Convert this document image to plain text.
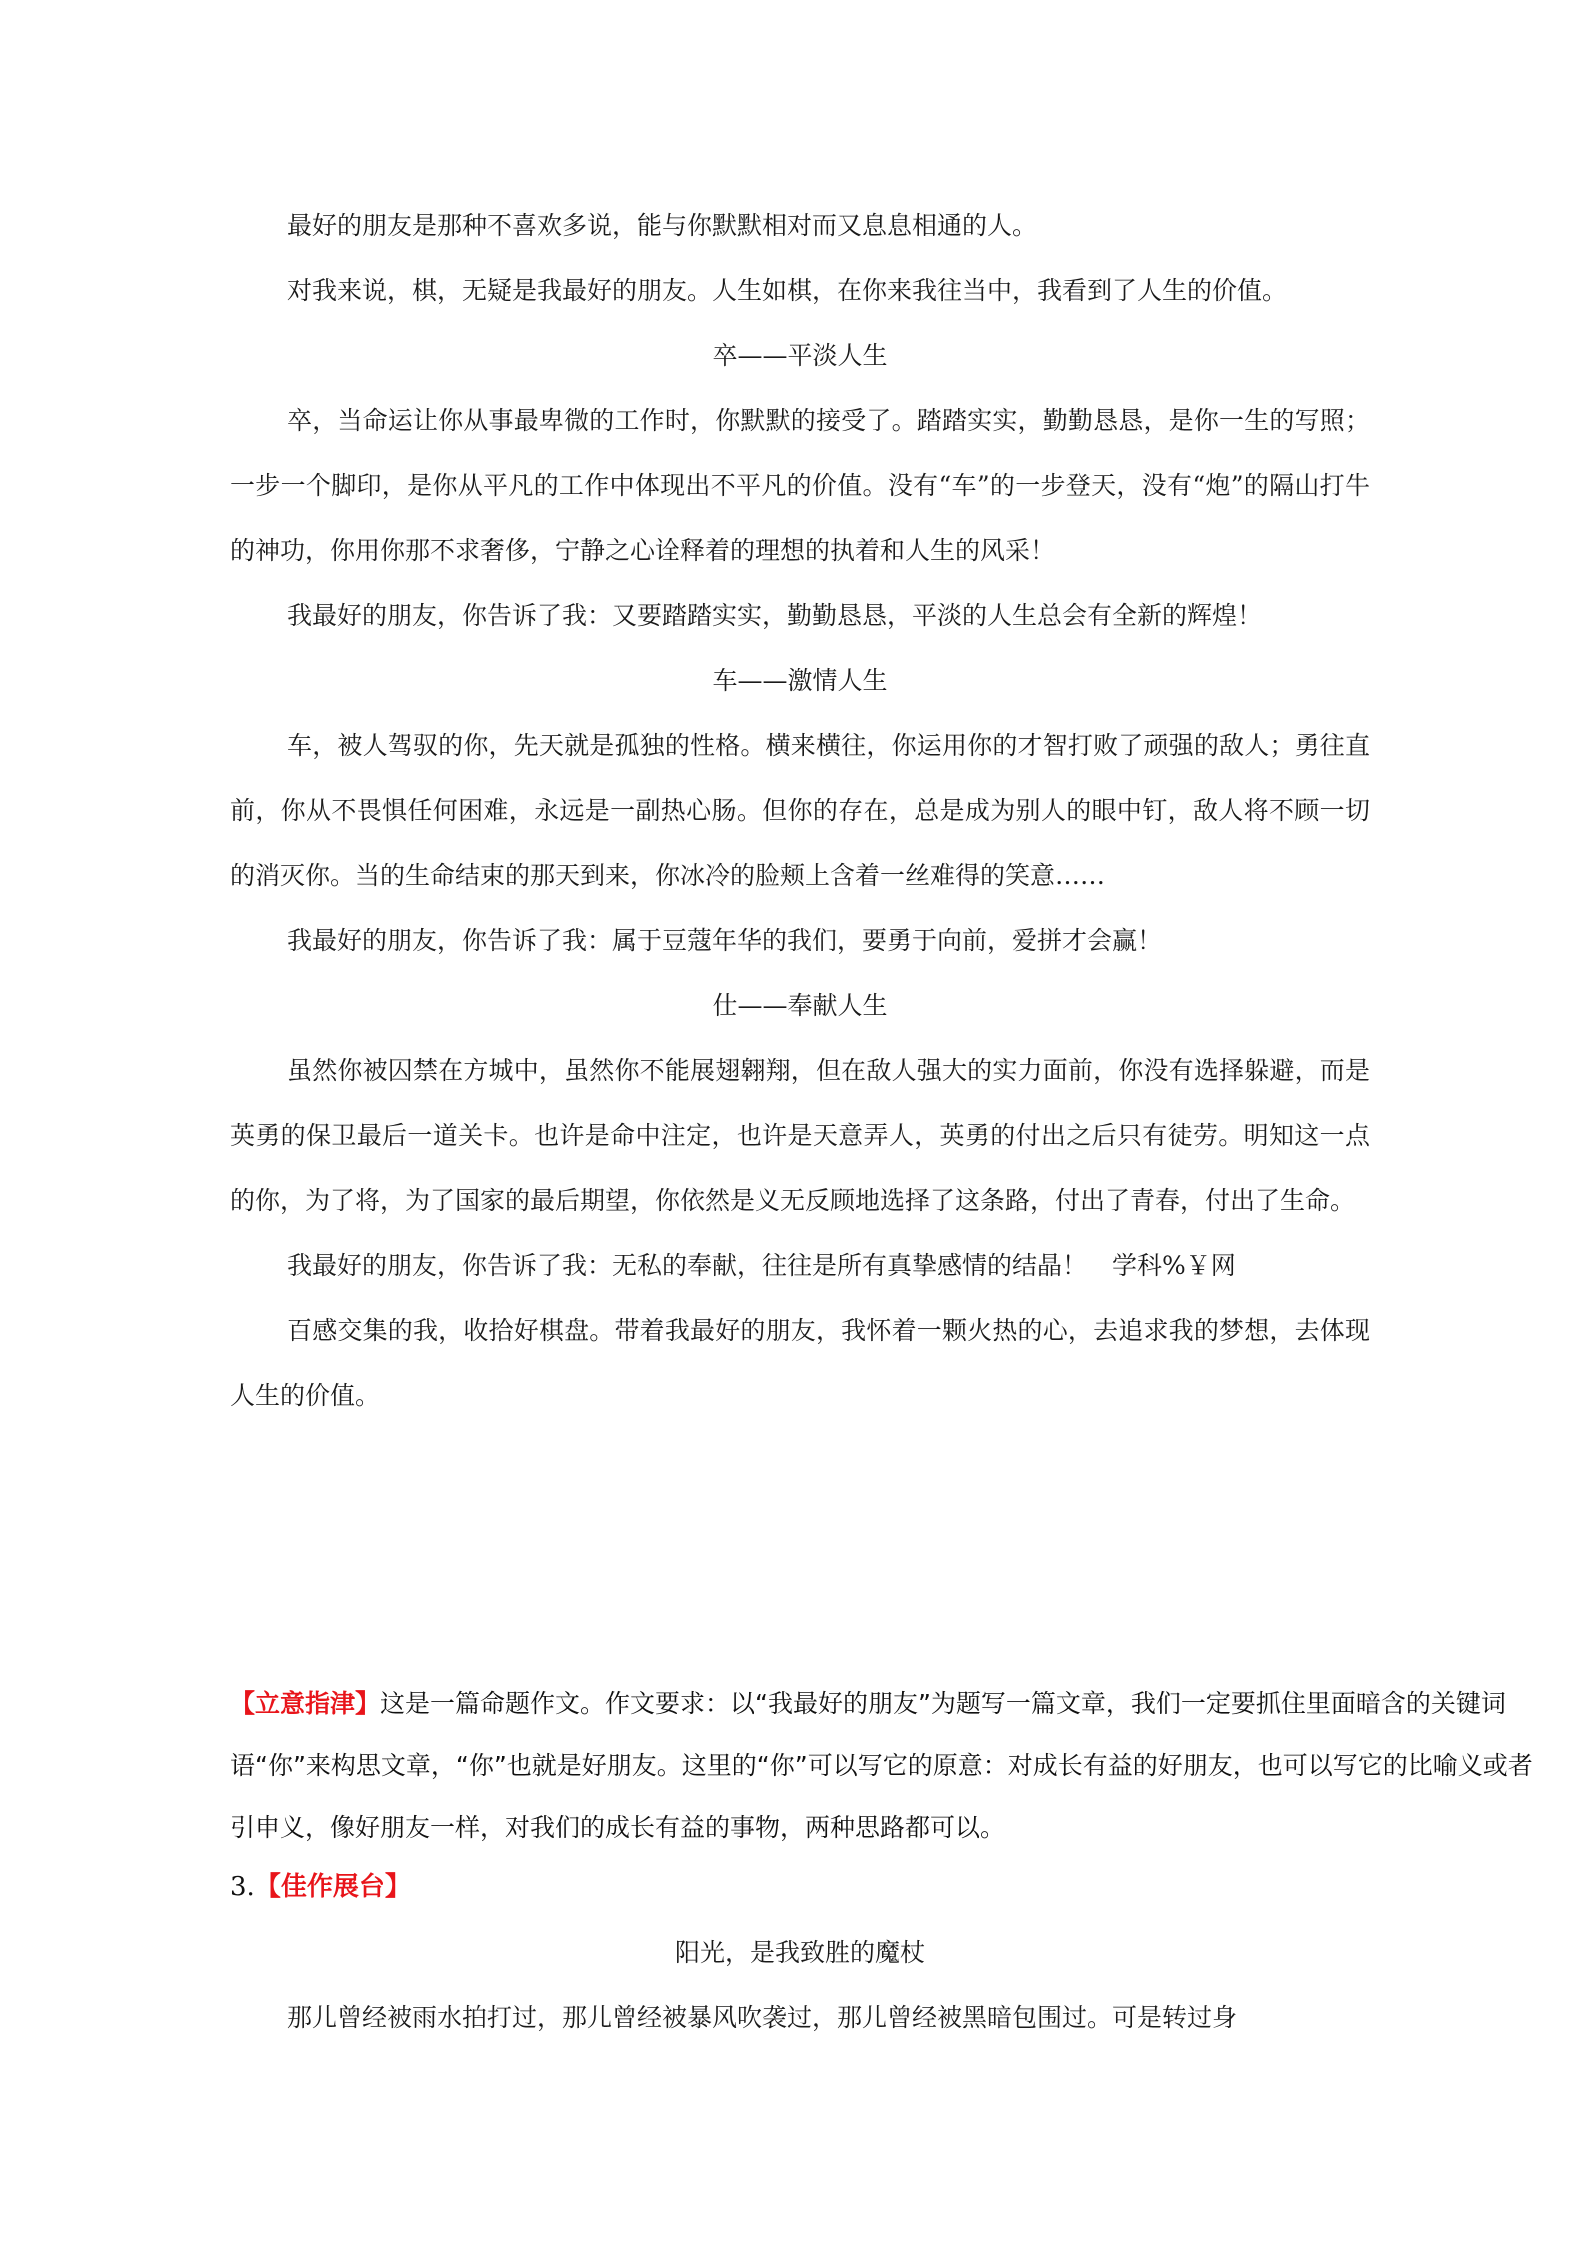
最好的朋友是那种不喜欢多说，能与你默默相对而又息息相通的人。

对我来说，棋，无疑是我最好的朋友。人生如棋，在你来我往当中，我看到了人生的价值。

卒——平淡人生

卒，当命运让你从事最卑微的工作时，你默默的接受了。踏踏实实，勤勤恳恳，是你一生的写照；一步一个脚印，是你从平凡的工作中体现出不平凡的价值。没有“车”的一步登天，没有“炮”的隔山打牛的神功，你用你那不求奢侈，宁静之心诠释着的理想的执着和人生的风采！

我最好的朋友，你告诉了我：又要踏踏实实，勤勤恳恳，平淡的人生总会有全新的辉煌！

车——激情人生

车，被人驾驭的你，先天就是孤独的性格。横来横往，你运用你的才智打败了顽强的敌人；勇往直前，你从不畏惧任何困难，永远是一副热心肠。但你的存在，总是成为别人的眼中钉，敌人将不顾一切的消灭你。当的生命结束的那天到来，你冰冷的脸颊上含着一丝难得的笑意……

我最好的朋友，你告诉了我：属于豆蔻年华的我们，要勇于向前，爱拼才会赢！

仕——奉献人生

虽然你被囚禁在方城中，虽然你不能展翅翱翔，但在敌人强大的实力面前，你没有选择躲避，而是英勇的保卫最后一道关卡。也许是命中注定，也许是天意弄人，英勇的付出之后只有徒劳。明知这一点的你，为了将，为了国家的最后期望，你依然是义无反顾地选择了这条路，付出了青春，付出了生命。

我最好的朋友，你告诉了我：无私的奉献，往往是所有真挚感情的结晶！　学科%￥网

百感交集的我，收拾好棋盘。带着我最好的朋友，我怀着一颗火热的心，去追求我的梦想，去体现人生的价值。

【立意指津】这是一篇命题作文。作文要求：以“我最好的朋友”为题写一篇文章，我们一定要抓住里面暗含的关键词语“你”来构思文章，“你”也就是好朋友。这里的“你”可以写它的原意：对成长有益的好朋友，也可以写它的比喻义或者引申义，像好朋友一样，对我们的成长有益的事物，两种思路都可以。

3.【佳作展台】

阳光，是我致胜的魔杖

那儿曾经被雨水拍打过，那儿曾经被暴风吹袭过，那儿曾经被黑暗包围过。可是转过身
